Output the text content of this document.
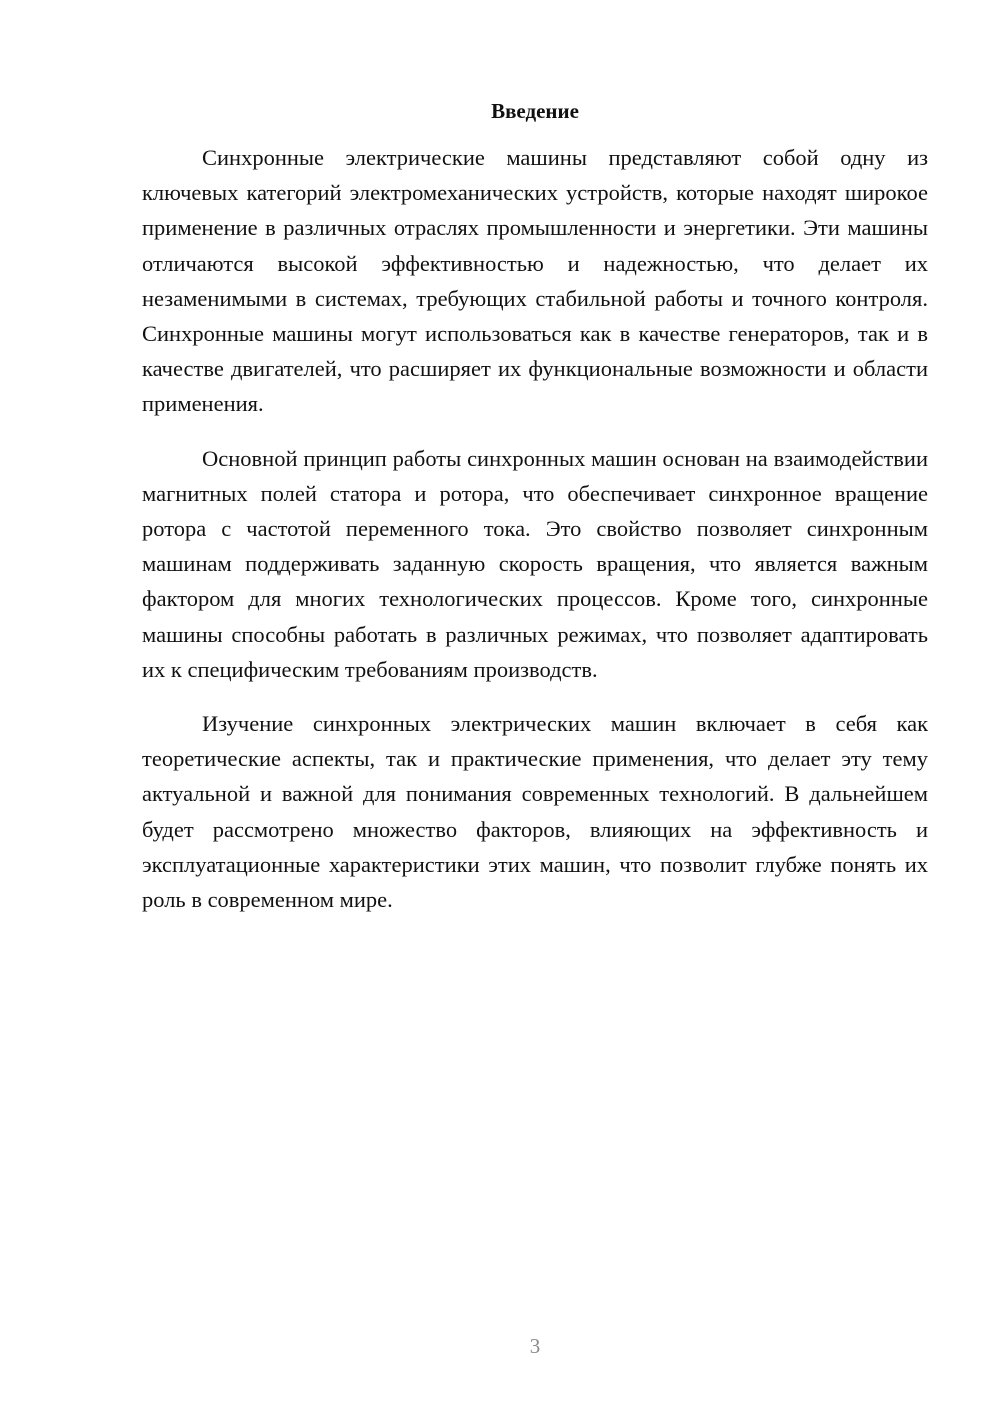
Введение

Синхронные электрические машины представляют собой одну из ключевых категорий электромеханических устройств, которые находят широкое применение в различных отраслях промышленности и энергетики. Эти машины отличаются высокой эффективностью и надежностью, что делает их незаменимыми в системах, требующих стабильной работы и точного контроля. Синхронные машины могут использоваться как в качестве генераторов, так и в качестве двигателей, что расширяет их функциональные возможности и области применения.

Основной принцип работы синхронных машин основан на взаимодействии магнитных полей статора и ротора, что обеспечивает синхронное вращение ротора с частотой переменного тока. Это свойство позволяет синхронным машинам поддерживать заданную скорость вращения, что является важным фактором для многих технологических процессов. Кроме того, синхронные машины способны работать в различных режимах, что позволяет адаптировать их к специфическим требованиям производств.

Изучение синхронных электрических машин включает в себя как теоретические аспекты, так и практические применения, что делает эту тему актуальной и важной для понимания современных технологий. В дальнейшем будет рассмотрено множество факторов, влияющих на эффективность и эксплуатационные характеристики этих машин, что позволит глубже понять их роль в современном мире.

3
